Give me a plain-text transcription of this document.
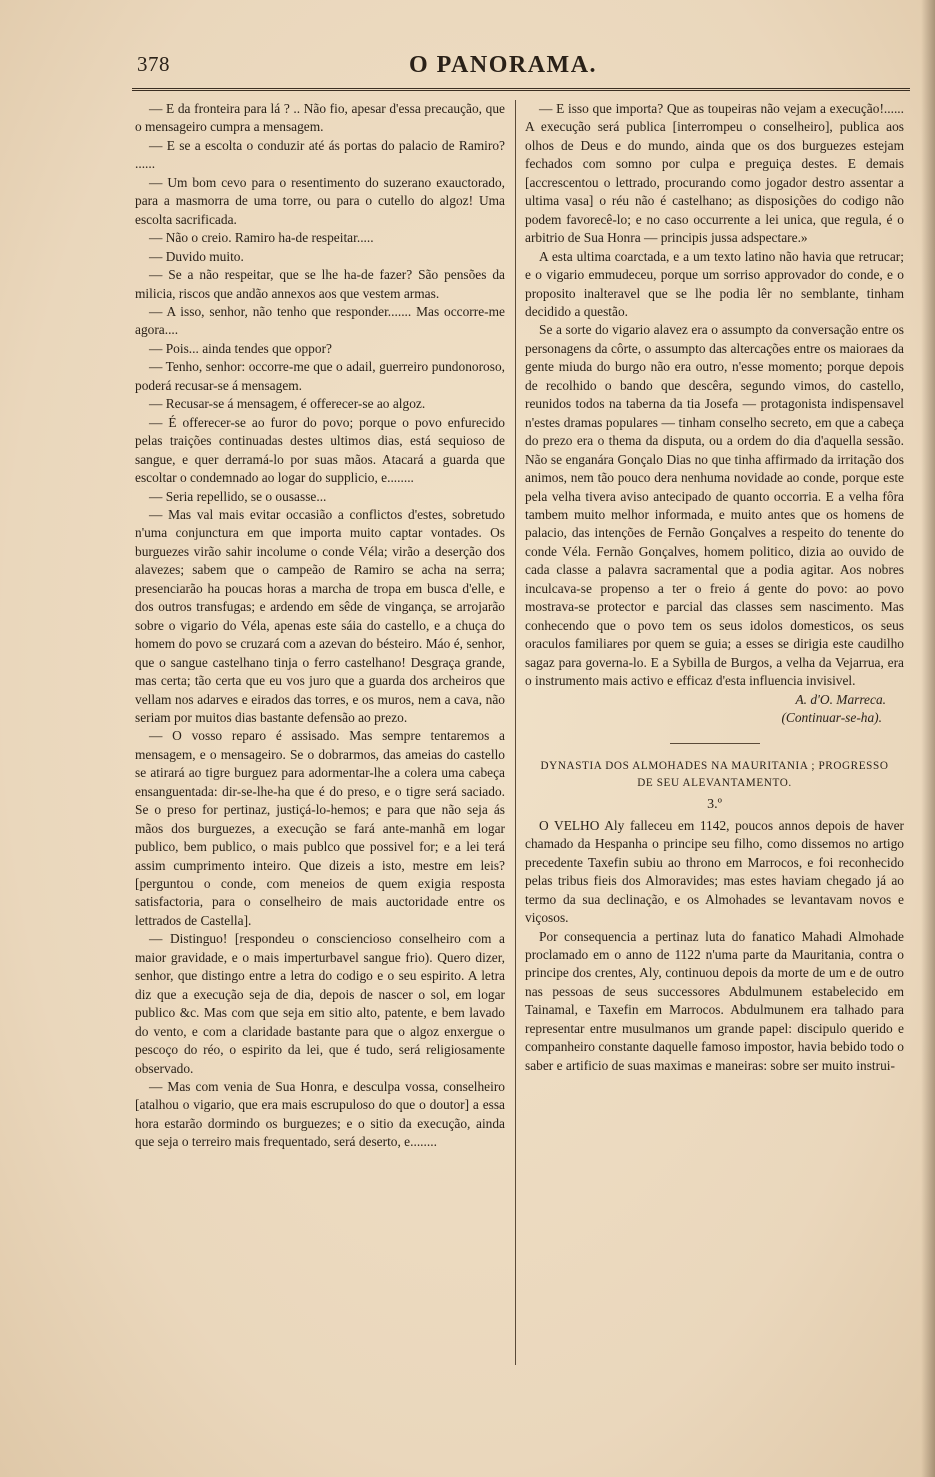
378	O PANORAMA.

— E da fronteira para lá ? .. Não fio, apesar d'essa precaução, que o mensageiro cumpra a mensagem.

— E se a escolta o conduzir até ás portas do palacio de Ramiro? ......

— Um bom cevo para o resentimento do suzerano exauctorado, para a masmorra de uma torre, ou para o cutello do algoz! Uma escolta sacrificada.

— Não o creio. Ramiro ha-de respeitar.....

— Duvido muito.

— Se a não respeitar, que se lhe ha-de fazer? São pensões da milicia, riscos que andão annexos aos que vestem armas.

— A isso, senhor, não tenho que responder....... Mas occorre-me agora....

— Pois... ainda tendes que oppor?

— Tenho, senhor: occorre-me que o adail, guerreiro pundonoroso, poderá recusar-se á mensagem.

— Recusar-se á mensagem, é offerecer-se ao algoz.

— É offerecer-se ao furor do povo; porque o povo enfurecido pelas traições continuadas destes ultimos dias, está sequioso de sangue, e quer derramá-lo por suas mãos. Atacará a guarda que escoltar o condemnado ao logar do supplicio, e........

— Seria repellido, se o ousasse...

— Mas val mais evitar occasião a conflictos d'estes, sobretudo n'uma conjunctura em que importa muito captar vontades. Os burguezes virão sahir incolume o conde Véla; virão a deserção dos alavezes; sabem que o campeão de Ramiro se acha na serra; presenciarão ha poucas horas a marcha de tropa em busca d'elle, e dos outros transfugas; e ardendo em sêde de vingança, se arrojarão sobre o vigario do Véla, apenas este sáia do castello, e a chuça do homem do povo se cruzará com a azevan do bésteiro. Máo é, senhor, que o sangue castelhano tinja o ferro castelhano! Desgraça grande, mas certa; tão certa que eu vos juro que a guarda dos archeiros que vellam nos adarves e eirados das torres, e os muros, nem a cava, não seriam por muitos dias bastante defensão ao prezo.

— O vosso reparo é assisado. Mas sempre tentaremos a mensagem, e o mensageiro. Se o dobrarmos, das ameias do castello se atirará ao tigre burguez para adormentar-lhe a colera uma cabeça ensanguentada: dir-se-lhe-ha que é do preso, e o tigre será saciado. Se o preso for pertinaz, justiçá-lo-hemos; e para que não seja ás mãos dos burguezes, a execução se fará ante-manhã em logar publico, bem publico, o mais publco que possivel for; e a lei terá assim cumprimento inteiro. Que dizeis a isto, mestre em leis? [perguntou o conde, com meneios de quem exigia resposta satisfactoria, para o conselheiro de mais auctoridade entre os lettrados de Castella].

— Distinguo! [respondeu o consciencioso conselheiro com a maior gravidade, e o mais imperturbavel sangue frio). Quero dizer, senhor, que distingo entre a letra do codigo e o seu espirito. A letra diz que a execução seja de dia, depois de nascer o sol, em logar publico &c. Mas com que seja em sitio alto, patente, e bem lavado do vento, e com a claridade bastante para que o algoz enxergue o pescoço do réo, o espirito da lei, que é tudo, será religiosamente observado.

— Mas com venia de Sua Honra, e desculpa vossa, conselheiro [atalhou o vigario, que era mais escrupuloso do que o doutor] a essa hora estarão dormindo os burguezes; e o sitio da execução, ainda que seja o terreiro mais frequentado, será deserto, e........

— E isso que importa? Que as toupeiras não vejam a execução!...... A execução será publica [interrompeu o conselheiro], publica aos olhos de Deus e do mundo, ainda que os dos burguezes estejam fechados com somno por culpa e preguiça destes. E demais [accrescentou o lettrado, procurando como jogador destro assentar a ultima vasa] o réu não é castelhano; as disposições do codigo não podem favorecê-lo; e no caso occurrente a lei unica, que regula, é o arbitrio de Sua Honra — principis jussa adspectare.»

A esta ultima coarctada, e a um texto latino não havia que retrucar; e o vigario emmudeceu, porque um sorriso approvador do conde, e o proposito inalteravel que se lhe podia lêr no semblante, tinham decidido a questão.

Se a sorte do vigario alavez era o assumpto da conversação entre os personagens da côrte, o assumpto das altercações entre os maioraes da gente miuda do burgo não era outro, n'esse momento; porque depois de recolhido o bando que descêra, segundo vimos, do castello, reunidos todos na taberna da tia Josefa — protagonista indispensavel n'estes dramas populares — tinham conselho secreto, em que a cabeça do prezo era o thema da disputa, ou a ordem do dia d'aquella sessão. Não se enganára Gonçalo Dias no que tinha affirmado da irritação dos animos, nem tão pouco dera nenhuma novidade ao conde, porque este pela velha tivera aviso antecipado de quanto occorria. E a velha fôra tambem muito melhor informada, e muito antes que os homens de palacio, das intenções de Fernão Gonçalves a respeito do tenente do conde Véla. Fernão Gonçalves, homem politico, dizia ao ouvido de cada classe a palavra sacramental que a podia agitar. Aos nobres inculcava-se propenso a ter o freio á gente do povo: ao povo mostrava-se protector e parcial das classes sem nascimento. Mas conhecendo que o povo tem os seus idolos domesticos, os seus oraculos familiares por quem se guia; a esses se dirigia este caudilho sagaz para governa-lo. E a Sybilla de Burgos, a velha da Vejarrua, era o instrumento mais activo e efficaz d'esta influencia invisivel.

A. d'O. Marreca.

(Continuar-se-ha).

DYNASTIA DOS ALMOHADES NA MAURITANIA ; PROGRESSO

DE SEU ALEVANTAMENTO.

3.º

O VELHO Aly falleceu em 1142, poucos annos depois de haver chamado da Hespanha o principe seu filho, como dissemos no artigo precedente Taxefin subiu ao throno em Marrocos, e foi reconhecido pelas tribus fieis dos Almoravides; mas estes haviam chegado já ao termo da sua declinação, e os Almohades se levantavam novos e viçosos.

Por consequencia a pertinaz luta do fanatico Mahadi Almohade proclamado em o anno de 1122 n'uma parte da Mauritania, contra o principe dos crentes, Aly, continuou depois da morte de um e de outro nas pessoas de seus successores Abdulmunem estabelecido em Tainamal, e Taxefin em Marrocos. Abdulmunem era talhado para representar entre musulmanos um grande papel: discipulo querido e companheiro constante daquelle famoso impostor, havia bebido todo o saber e artificio de suas maximas e maneiras: sobre ser muito instrui-
